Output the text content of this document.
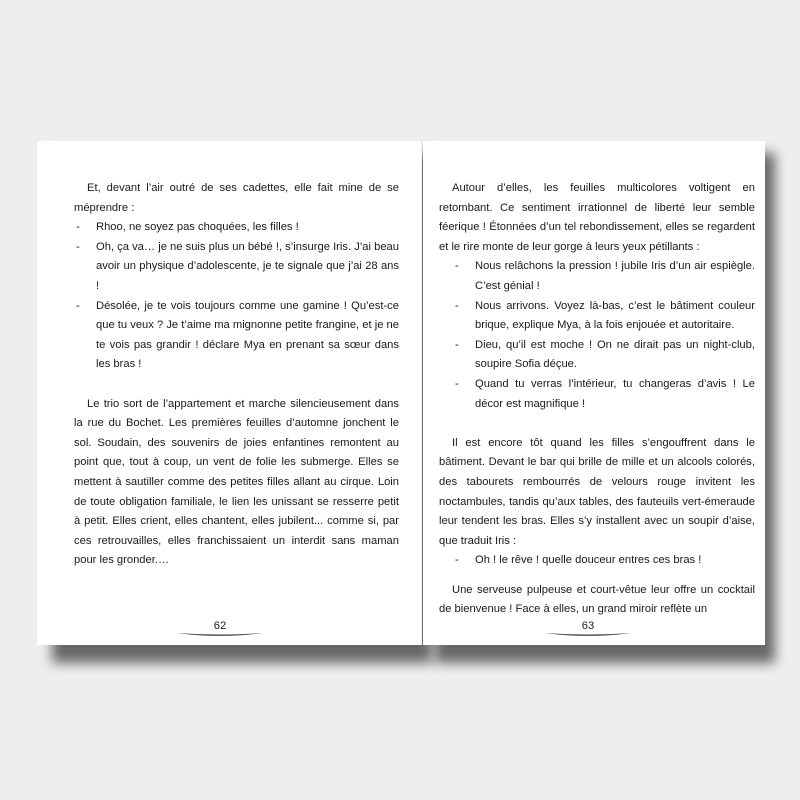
Et, devant l’air outré de ses cadettes, elle fait mine de se méprendre :

- Rhoo, ne soyez pas choquées, les filles !
- Oh, ça va… je ne suis plus un bébé !, s’insurge Iris. J’ai beau avoir un physique d’adolescente, je te signale que j’ai 28 ans !
- Désolée, je te vois toujours comme une gamine ! Qu’est-ce que tu veux ? Je t’aime ma mignonne petite frangine, et je ne te vois pas grandir ! déclare Mya en prenant sa sœur dans les bras !

Le trio sort de l’appartement et marche silencieusement dans la rue du Bochet. Les premières feuilles d’automne jonchent le sol. Soudain, des souvenirs de joies enfantines remontent au point que, tout à coup, un vent de folie les submerge. Elles se mettent à sautiller comme des petites filles allant au cirque. Loin de toute obligation familiale, le lien les unissant se resserre petit à petit. Elles crient, elles chantent, elles jubilent... comme si, par ces retrouvailles, elles franchissaient un interdit sans maman pour les gronder.…

62

Autour d’elles, les feuilles multicolores voltigent en retombant. Ce sentiment irrationnel de liberté leur semble féerique ! Étonnées d’un tel rebondissement, elles se regardent et le rire monte de leur gorge à leurs yeux pétillants :

- Nous relâchons la pression ! jubile Iris d’un air espiègle. C’est génial !
- Nous arrivons. Voyez là-bas, c’est le bâtiment couleur brique, explique Mya, à la fois enjouée et autoritaire.
- Dieu, qu’il est moche ! On ne dirait pas un night-club, soupire Sofia déçue.
- Quand tu verras l’intérieur, tu changeras d’avis ! Le décor est magnifique !

Il est encore tôt quand les filles s’engouffrent dans le bâtiment. Devant le bar qui brille de mille et un alcools colorés, des tabourets rembourrés de velours rouge invitent les noctambules, tandis qu’aux tables, des fauteuils vert-émeraude leur tendent les bras. Elles s’y installent avec un soupir d’aise, que traduit Iris :

- Oh ! le rêve ! quelle douceur entres ces bras !

Une serveuse pulpeuse et court-vêtue leur offre un cocktail de bienvenue ! Face à elles, un grand miroir reflète un

63
